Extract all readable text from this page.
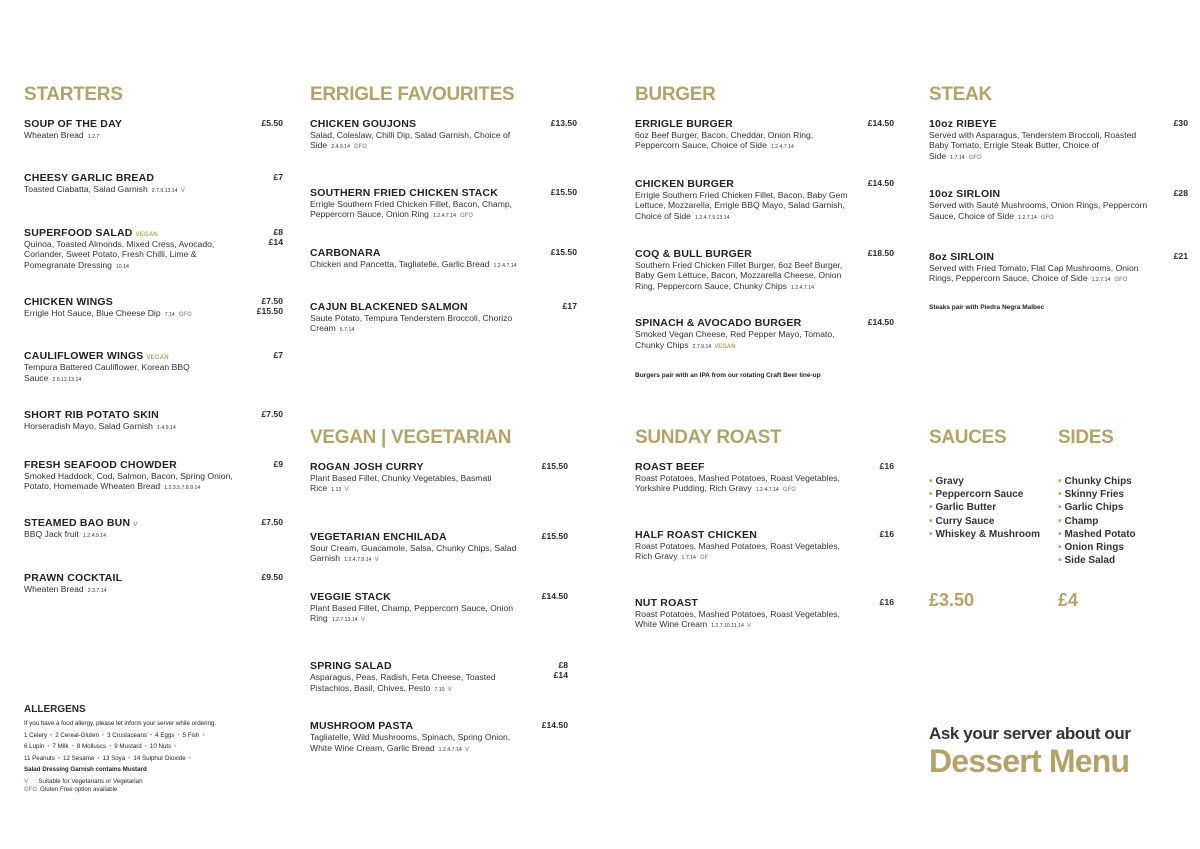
STARTERS
SOUP OF THE DAY
Wheaten Bread 1.2.7
£5.50
CHEESY GARLIC BREAD
Toasted Ciabatta, Salad Garnish 2.7.9.13.14 V
£7
SUPERFOOD SALAD VEGAN
Quinoa, Toasted Almonds, Mixed Cress, Avocado, Coriander, Sweet Potato, Fresh Chilli, Lime & Pomegranate Dressing 10.14
£8
£14
CHICKEN WINGS
Errigle Hot Sauce, Blue Cheese Dip 7.14 GFO
£7.50
£15.50
CAULIFLOWER WINGS VEGAN
Tempura Battered Cauliflower, Korean BBQ Sauce 2.9.12.13.14
£7
SHORT RIB POTATO SKIN
Horseradish Mayo, Salad Garnish 1.4.9.14
£7.50
FRESH SEAFOOD CHOWDER
Smoked Haddock, Cod, Salmon, Bacon, Spring Onion, Potato, Homemade Wheaten Bread 1.2.3.5.7.8.9.14
£9
STEAMED BAO BUN V
BBQ Jack fruit 1.2.4.9.14
£7.50
PRAWN COCKTAIL
Wheaten Bread 2.3.7.14
£9.50
ALLERGENS
If you have a food allergy, please let inform your server while ordering.
1 Celery • 2 Cereal-Gluten • 3 Crustaceans • 4 Eggs • 5 Fish •
6 Lupin • 7 Milk • 8 Molluscs • 9 Mustard • 10 Nuts •
11 Peanuts • 12 Sesame • 13 Soya • 14 Sulphur Dioxide •
Salad Dressing Garnish contains Mustard
V Suitable for Vegetarians or Vegetarian
GFO Gluten Free option available
ERRIGLE FAVOURITES
CHICKEN GOUJONS
Salad, Coleslaw, Chilli Dip, Salad Garnish, Choice of Side 2.4.9.14 GFO
£13.50
SOUTHERN FRIED CHICKEN STACK
Errigle Southern Fried Chicken Fillet, Bacon, Champ, Peppercorn Sauce, Onion Ring 1.2.4.7.14 GFO
£15.50
CARBONARA
Chicken and Pancetta, Tagliatelle, Garlic Bread 1.2.4.7.14
£15.50
CAJUN BLACKENED SALMON
Saute Potato, Tempura Tenderstem Broccoli, Chorizo Cream 5.7.14
£17
VEGAN | VEGETARIAN
ROGAN JOSH CURRY
Plant Based Fillet, Chunky Vegetables, Basmati Rice 1.13 V
£15.50
VEGETARIAN ENCHILADA
Sour Cream, Guacamole, Salsa, Chunky Chips, Salad Garnish 1.2.4.7.9.14 V
£15.50
VEGGIE STACK
Plant Based Fillet, Champ, Peppercorn Sauce, Onion Ring 1.2.7.13.14 V
£14.50
SPRING SALAD
Asparagus, Peas, Radish, Feta Cheese, Toasted Pistachios, Basil, Chives, Pesto 7.10 V
£8
£14
MUSHROOM PASTA
Tagliatelle, Wild Mushrooms, Spinach, Spring Onion, White Wine Cream, Garlic Bread 1.2.4.7.14 V
£14.50
BURGER
ERRIGLE BURGER
6oz Beef Burger, Bacon, Cheddar, Onion Ring, Peppercorn Sauce, Choice of Side 1.2.4.7.14
£14.50
CHICKEN BURGER
Errigle Southern Fried Chicken Fillet, Bacon, Baby Gem Lettuce, Mozzarella, Errigle BBQ Mayo, Salad Garnish, Choice of Side 1.2.4.7.9.13.14
£14.50
COQ & BULL BURGER
Southern Fried Chicken Fillet Burger, 6oz Beef Burger, Baby Gem Lettuce, Bacon, Mozzarella Cheese, Onion Ring, Peppercorn Sauce, Chunky Chips 1.2.4.7.14
£18.50
SPINACH & AVOCADO BURGER
Smoked Vegan Cheese, Red Pepper Mayo, Tomato, Chunky Chips 2.7.9.14 VEGAN
£14.50
Burgers pair with an IPA from our rotating Craft Beer line-up
SUNDAY ROAST
ROAST BEEF
Roast Potatoes, Mashed Potatoes, Roast Vegetables, Yorkshire Pudding, Rich Gravy 1.2.4.7.14 GFO
£16
HALF ROAST CHICKEN
Roast Potatoes, Mashed Potatoes, Roast Vegetables, Rich Gravy 1.7.14 GF
£16
NUT ROAST
Roast Potatoes, Mashed Potatoes, Roast Vegetables, White Wine Cream 1.2.7.10.11.14 V
£16
STEAK
10oz RIBEYE
Served with Asparagus, Tenderstem Broccoli, Roasted Baby Tomato, Errigle Steak Butter, Choice of Side 1.7.14 GFO
£30
10oz SIRLOIN
Served with Sauté Mushrooms, Onion Rings, Peppercorn Sauce, Choice of Side 1.2.7.14 GFO
£28
8oz SIRLOIN
Served with Fried Tomato, Flat Cap Mushrooms, Onion Rings, Peppercorn Sauce, Choice of Side 1.2.7.14 GFO
£21
Steaks pair with Piedra Negra Malbec
SAUCES
• Gravy
• Peppercorn Sauce
• Garlic Butter
• Curry Sauce
• Whiskey & Mushroom
£3.50
SIDES
• Chunky Chips
• Skinny Fries
• Garlic Chips
• Champ
• Mashed Potato
• Onion Rings
• Side Salad
£4
Ask your server about our
Dessert Menu
